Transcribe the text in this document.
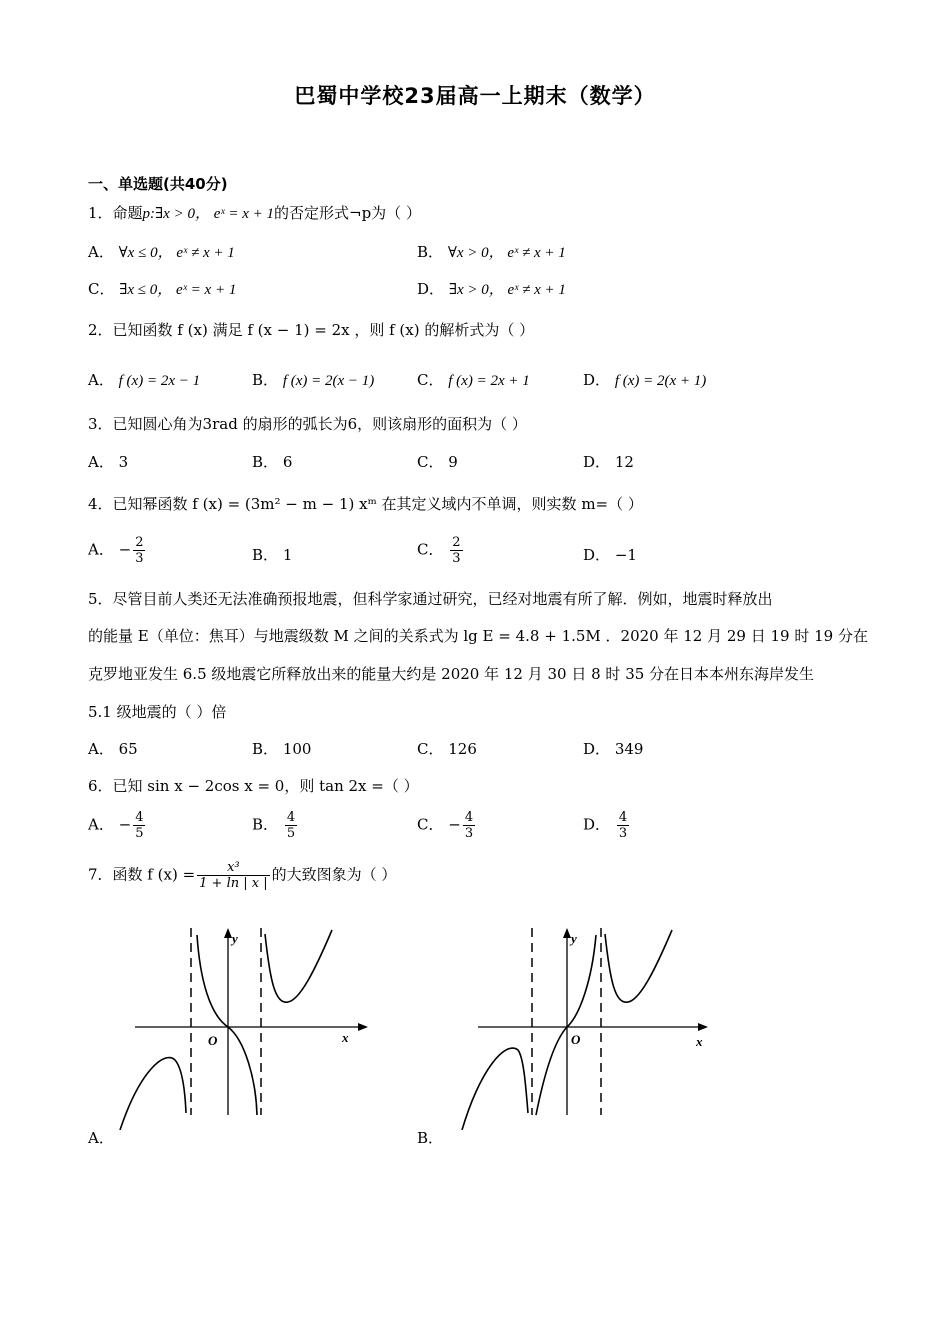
巴蜀中学校23届高一上期末（数学）
一、单选题(共40分)
1．命题p:∃x > 0， eˣ = x + 1的否定形式¬p为（ ）
A． ∀x ≤ 0， eˣ ≠ x + 1	B． ∀x > 0， eˣ ≠ x + 1
C． ∃x ≤ 0， eˣ = x + 1	D． ∃x > 0， eˣ ≠ x + 1
2．已知函数 f (x) 满足 f (x − 1) = 2x ，则 f (x) 的解析式为（ ）
A． f (x) = 2x − 1	B． f (x) = 2(x − 1)	C． f (x) = 2x + 1	D． f (x) = 2(x + 1)
3．已知圆心角为3rad 的扇形的弧长为6，则该扇形的面积为（ ）
A． 3	B． 6	C． 9	D． 12
4．已知幂函数 f (x) = (3m² − m − 1) xᵐ 在其定义域内不单调，则实数 m=（ ）
A． − $\frac{2}{3}$	B． 1	C． $\frac{2}{3}$	D． −1
5．尽管目前人类还无法准确预报地震，但科学家通过研究，已经对地震有所了解．例如，地震时释放出
的能量 E（单位：焦耳）与地震级数 M 之间的关系式为 lg E = 4.8 + 1.5M ．2020 年 12 月 29 日 19 时 19 分在
克罗地亚发生 6.5 级地震它所释放出来的能量大约是 2020 年 12 月 30 日 8 时 35 分在日本本州东海岸发生
5.1 级地震的（ ）倍
A． 65	B． 100	C． 126	D． 349
6．已知 sin x − 2cos x = 0，则 tan 2x =（ ）
A． − $\frac{4}{5}$	B． $\frac{4}{5}$	C． − $\frac{4}{3}$	D． $\frac{4}{3}$
7．函数 f $(x) = \frac{\text{x³}}{1 + \ln | x |}$ 的大致图象为（ ）
y
x
O
A．
y
x
O
B．
